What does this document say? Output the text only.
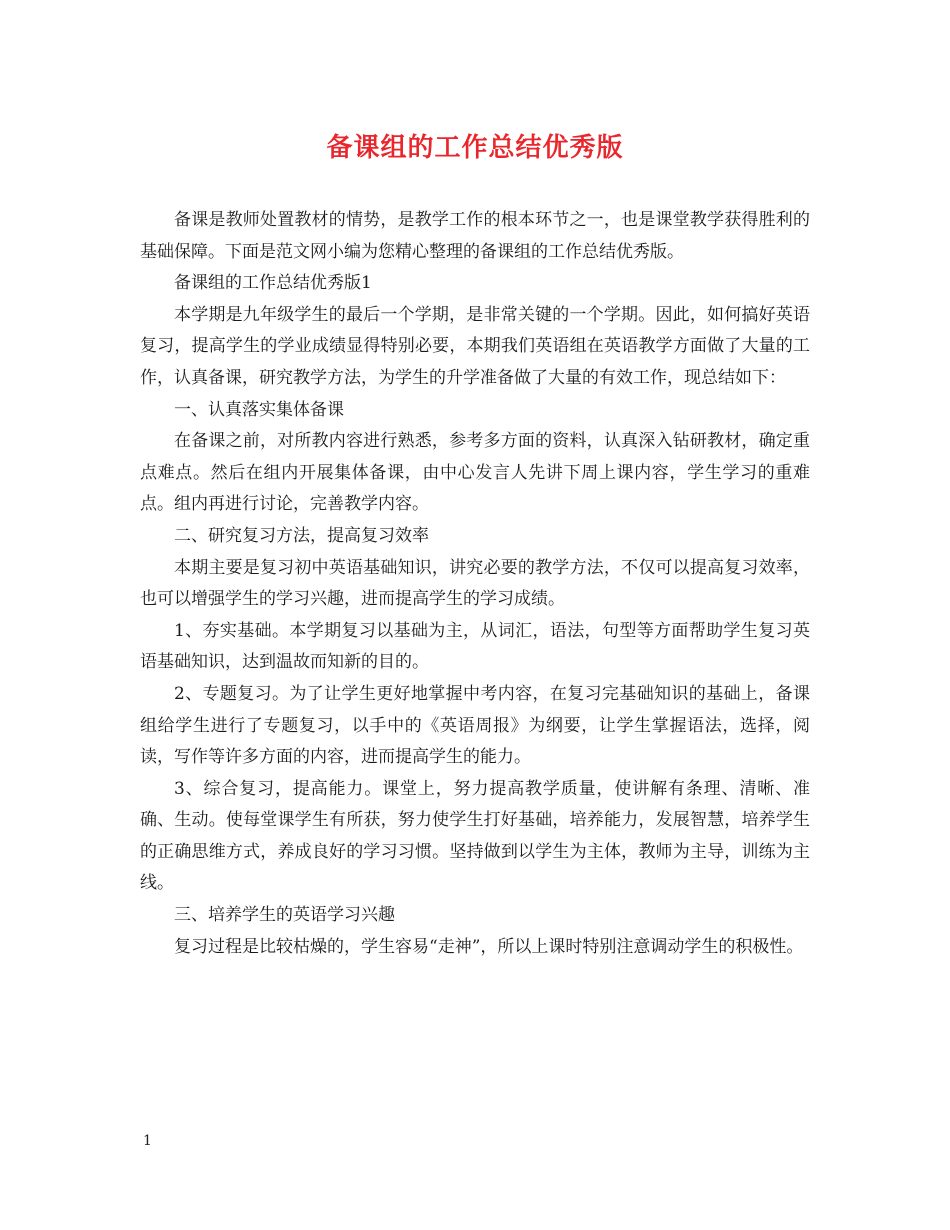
备课组的工作总结优秀版

备课是教师处置教材的情势，是教学工作的根本环节之一，也是课堂教学获得胜利的基础保障。下面是范文网小编为您精心整理的备课组的工作总结优秀版。

备课组的工作总结优秀版1

本学期是九年级学生的最后一个学期，是非常关键的一个学期。因此，如何搞好英语复习，提高学生的学业成绩显得特别必要，本期我们英语组在英语教学方面做了大量的工作，认真备课，研究教学方法，为学生的升学准备做了大量的有效工作，现总结如下：

一、认真落实集体备课

在备课之前，对所教内容进行熟悉，参考多方面的资料，认真深入钻研教材，确定重点难点。然后在组内开展集体备课，由中心发言人先讲下周上课内容，学生学习的重难点。组内再进行讨论，完善教学内容。

二、研究复习方法，提高复习效率

本期主要是复习初中英语基础知识，讲究必要的教学方法，不仅可以提高复习效率，也可以增强学生的学习兴趣，进而提高学生的学习成绩。

1、夯实基础。本学期复习以基础为主，从词汇，语法，句型等方面帮助学生复习英语基础知识，达到温故而知新的目的。

2、专题复习。为了让学生更好地掌握中考内容，在复习完基础知识的基础上，备课组给学生进行了专题复习，以手中的《英语周报》为纲要，让学生掌握语法，选择，阅读，写作等许多方面的内容，进而提高学生的能力。

3、综合复习，提高能力。课堂上，努力提高教学质量，使讲解有条理、清晰、准确、生动。使每堂课学生有所获，努力使学生打好基础，培养能力，发展智慧，培养学生的正确思维方式，养成良好的学习习惯。坚持做到以学生为主体，教师为主导，训练为主线。

三、培养学生的英语学习兴趣

复习过程是比较枯燥的，学生容易“走神”，所以上课时特别注意调动学生的积极性。

1
